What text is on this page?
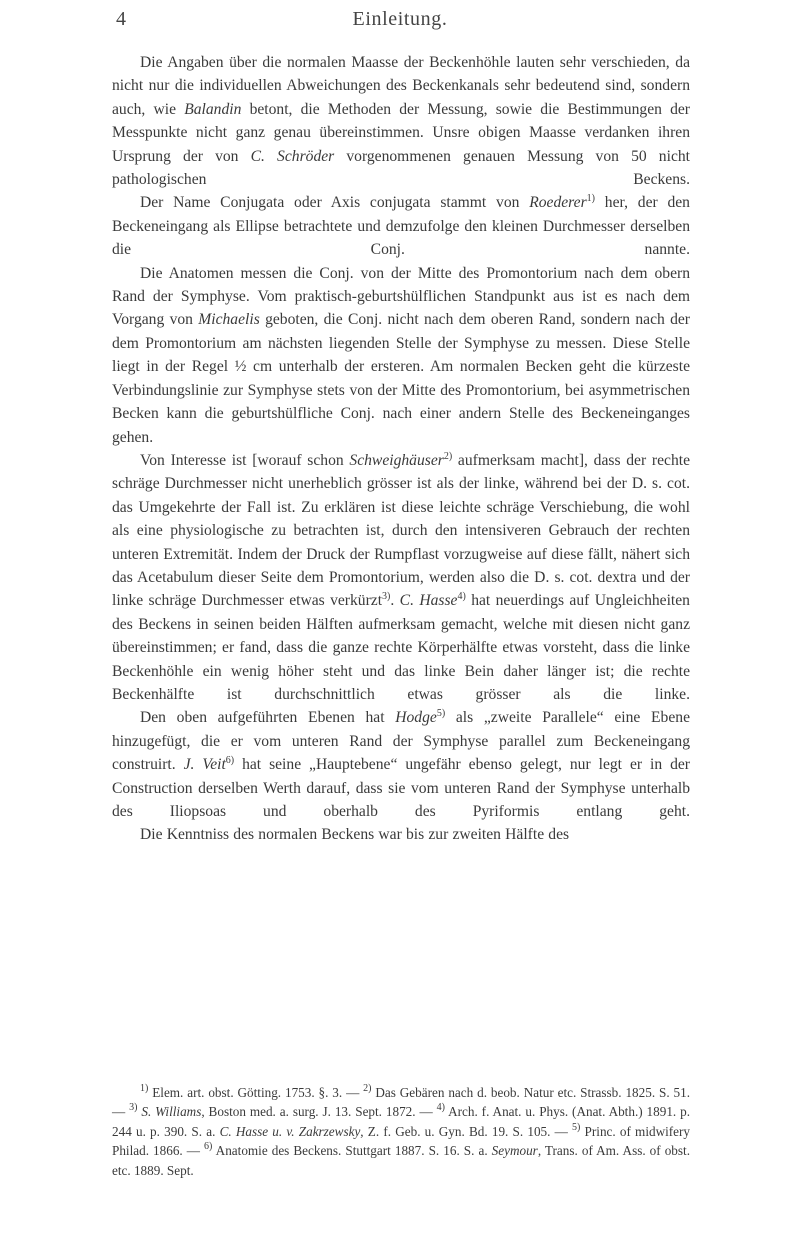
4	Einleitung.

Die Angaben über die normalen Maasse der Beckenhöhle lauten sehr verschieden, da nicht nur die individuellen Abweichungen des Beckenkanals sehr bedeutend sind, sondern auch, wie Balandin betont, die Methoden der Messung, sowie die Bestimmungen der Messpunkte nicht ganz genau übereinstimmen. Unsre obigen Maasse verdanken ihren Ursprung der von C. Schröder vorgenommenen genauen Messung von 50 nicht pathologischen Beckens.

Der Name Conjugata oder Axis conjugata stammt von Roederer$^{1)}$ her, der den Beckeneingang als Ellipse betrachtete und demzufolge den kleinen Durchmesser derselben die Conj. nannte.

Die Anatomen messen die Conj. von der Mitte des Promontorium nach dem obern Rand der Symphyse. Vom praktisch-geburtshülflichen Standpunkt aus ist es nach dem Vorgang von Michaelis geboten, die Conj. nicht nach dem oberen Rand, sondern nach der dem Promontorium am nächsten liegenden Stelle der Symphyse zu messen. Diese Stelle liegt in der Regel ½ cm unterhalb der ersteren. Am normalen Becken geht die kürzeste Verbindungslinie zur Symphyse stets von der Mitte des Promontorium, bei asymmetrischen Becken kann die geburtshülfliche Conj. nach einer andern Stelle des Beckeneinganges gehen.

Von Interesse ist [worauf schon Schweighäuser$^{2)}$ aufmerksam macht], dass der rechte schräge Durchmesser nicht unerheblich grösser ist als der linke, während bei der D. s. cot. das Umgekehrte der Fall ist. Zu erklären ist diese leichte schräge Verschiebung, die wohl als eine physiologische zu betrachten ist, durch den intensiveren Gebrauch der rechten unteren Extremität. Indem der Druck der Rumpflast vorzugweise auf diese fällt, nähert sich das Acetabulum dieser Seite dem Promontorium, werden also die D. s. cot. dextra und der linke schräge Durchmesser etwas verkürzt$^{3)}$. C. Hasse$^{4)}$ hat neuerdings auf Ungleichheiten des Beckens in seinen beiden Hälften aufmerksam gemacht, welche mit diesen nicht ganz übereinstimmen; er fand, dass die ganze rechte Körperhälfte etwas vorsteht, dass die linke Beckenhöhle ein wenig höher steht und das linke Bein daher länger ist; die rechte Beckenhälfte ist durchschnittlich etwas grösser als die linke.

Den oben aufgeführten Ebenen hat Hodge$^{5)}$ als „zweite Parallele“ eine Ebene hinzugefügt, die er vom unteren Rand der Symphyse parallel zum Beckeneingang construirt. J. Veit$^{6)}$ hat seine „Hauptebene“ ungefähr ebenso gelegt, nur legt er in der Construction derselben Werth darauf, dass sie vom unteren Rand der Symphyse unterhalb des Iliopsoas und oberhalb des Pyriformis entlang geht.

Die Kenntniss des normalen Beckens war bis zur zweiten Hälfte des

$^{1)}$ Elem. art. obst. Götting. 1753. §. 3. — $^{2)}$ Das Gebären nach d. beob. Natur etc. Strassb. 1825. S. 51. — $^{3)}$ S. Williams, Boston med. a. surg. J. 13. Sept. 1872. — $^{4)}$ Arch. f. Anat. u. Phys. (Anat. Abth.) 1891. p. 244 u. p. 390. S. a. C. Hasse u. v. Zakrzewsky, Z. f. Geb. u. Gyn. Bd. 19. S. 105. — $^{5)}$ Princ. of midwifery Philad. 1866. — $^{6)}$ Anatomie des Beckens. Stuttgart 1887. S. 16. S. a. Seymour, Trans. of Am. Ass. of obst. etc. 1889. Sept.
